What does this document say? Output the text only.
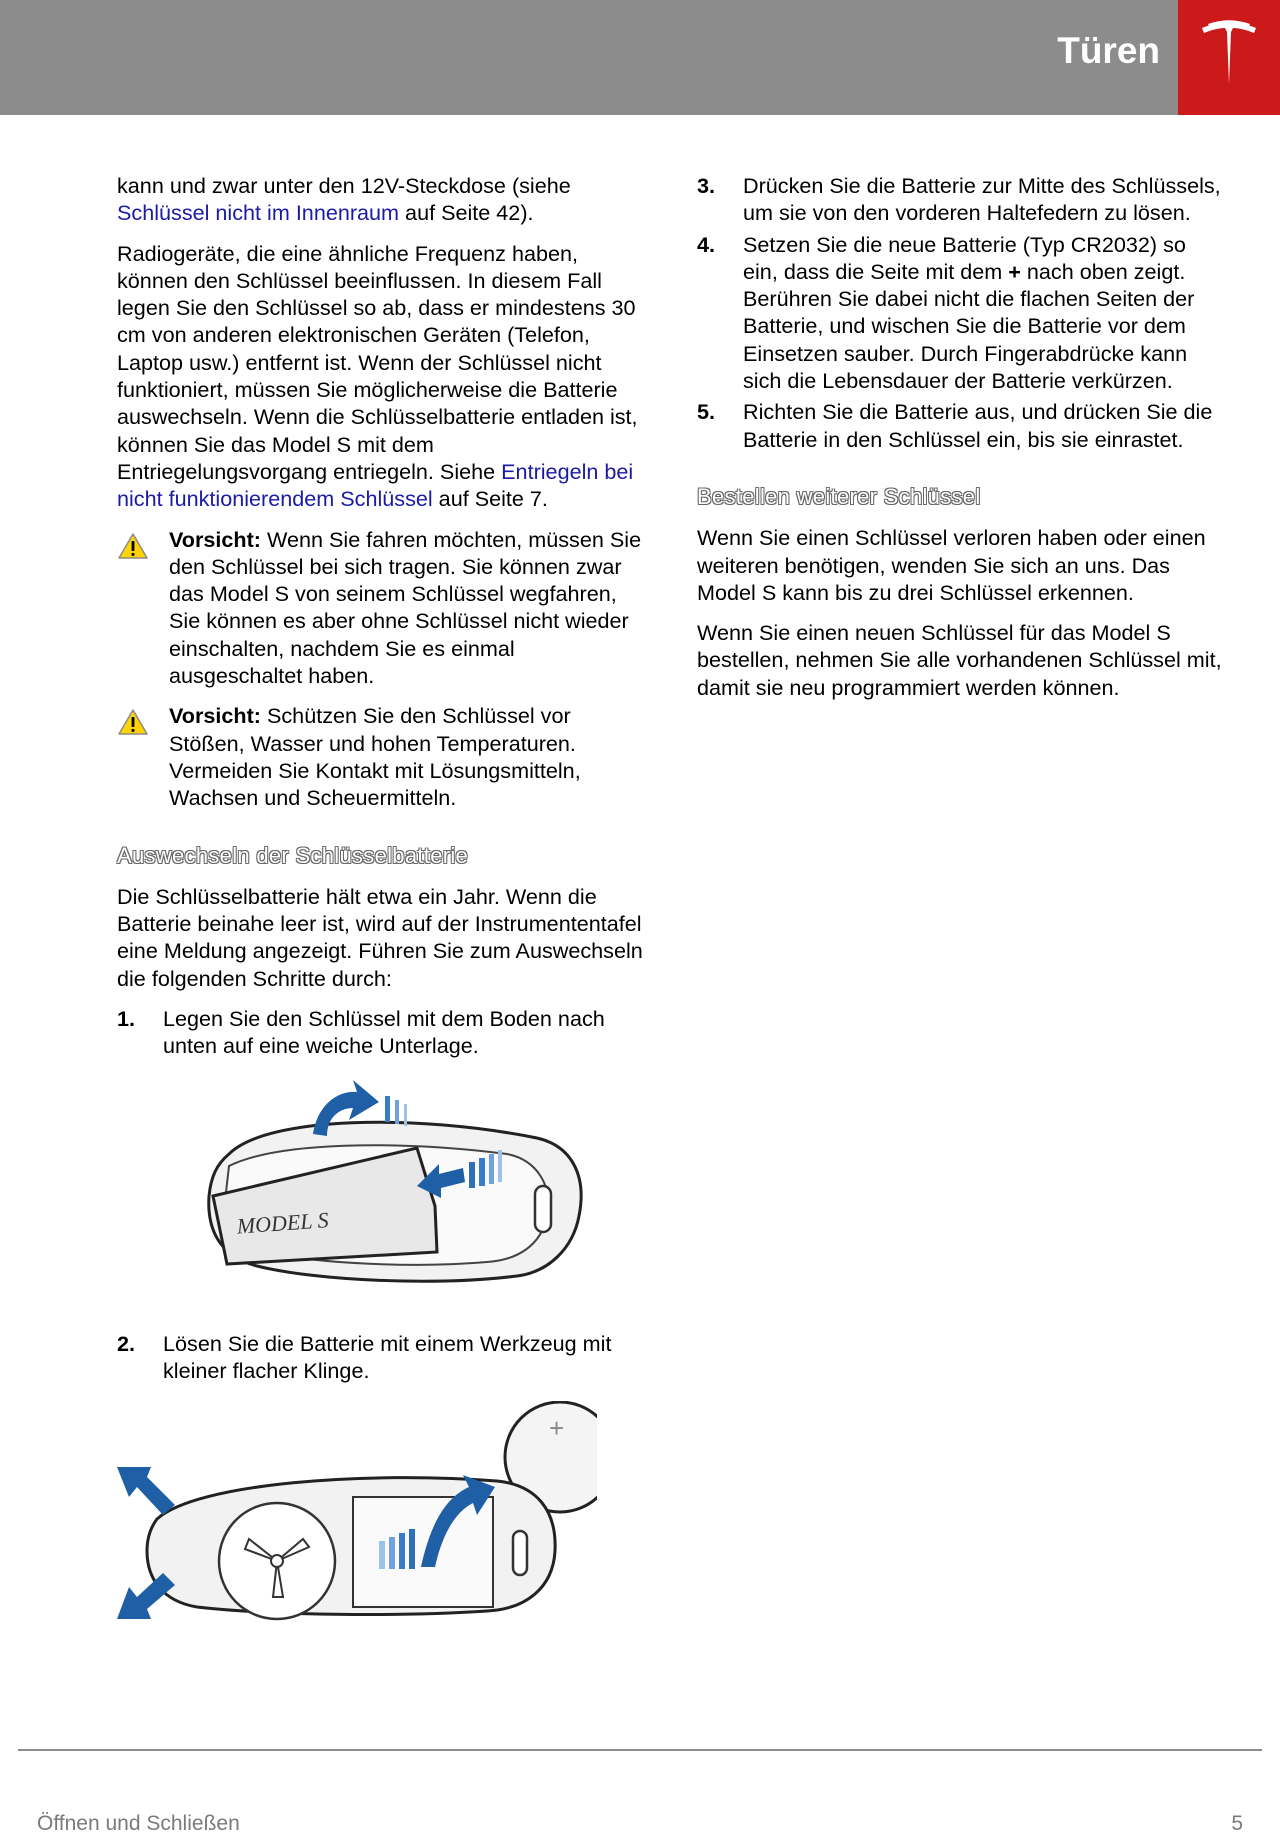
Türen

kann und zwar unter den 12V-Steckdose (siehe Schlüssel nicht im Innenraum auf Seite 42).

Radiogeräte, die eine ähnliche Frequenz haben, können den Schlüssel beeinflussen. In diesem Fall legen Sie den Schlüssel so ab, dass er mindestens 30 cm von anderen elektronischen Geräten (Telefon, Laptop usw.) entfernt ist. Wenn der Schlüssel nicht funktioniert, müssen Sie möglicherweise die Batterie auswechseln. Wenn die Schlüsselbatterie entladen ist, können Sie das Model S mit dem Entriegelungsvorgang entriegeln. Siehe Entriegeln bei nicht funktionierendem Schlüssel auf Seite 7.

Vorsicht: Wenn Sie fahren möchten, müssen Sie den Schlüssel bei sich tragen. Sie können zwar das Model S von seinem Schlüssel wegfahren, Sie können es aber ohne Schlüssel nicht wieder einschalten, nachdem Sie es einmal ausgeschaltet haben.
Vorsicht: Schützen Sie den Schlüssel vor Stößen, Wasser und hohen Temperaturen. Vermeiden Sie Kontakt mit Lösungsmitteln, Wachsen und Scheuermitteln.
Auswechseln der Schlüsselbatterie

Die Schlüsselbatterie hält etwa ein Jahr. Wenn die Batterie beinahe leer ist, wird auf der Instrumententafel eine Meldung angezeigt. Führen Sie zum Auswechseln die folgenden Schritte durch:

1. Legen Sie den Schlüssel mit dem Boden nach unten auf eine weiche Unterlage.
MODEL S
2. Lösen Sie die Batterie mit einem Werkzeug mit kleiner flacher Klinge.
+
3. Drücken Sie die Batterie zur Mitte des Schlüssels, um sie von den vorderen Haltefedern zu lösen.
4. Setzen Sie die neue Batterie (Typ CR2032) so ein, dass die Seite mit dem + nach oben zeigt. Berühren Sie dabei nicht die flachen Seiten der Batterie, und wischen Sie die Batterie vor dem Einsetzen sauber. Durch Fingerabdrücke kann sich die Lebensdauer der Batterie verkürzen.
5. Richten Sie die Batterie aus, und drücken Sie die Batterie in den Schlüssel ein, bis sie einrastet.
Bestellen weiterer Schlüssel

Wenn Sie einen Schlüssel verloren haben oder einen weiteren benötigen, wenden Sie sich an uns. Das Model S kann bis zu drei Schlüssel erkennen.

Wenn Sie einen neuen Schlüssel für das Model S bestellen, nehmen Sie alle vorhandenen Schlüssel mit, damit sie neu programmiert werden können.

Öffnen und Schließen	5
